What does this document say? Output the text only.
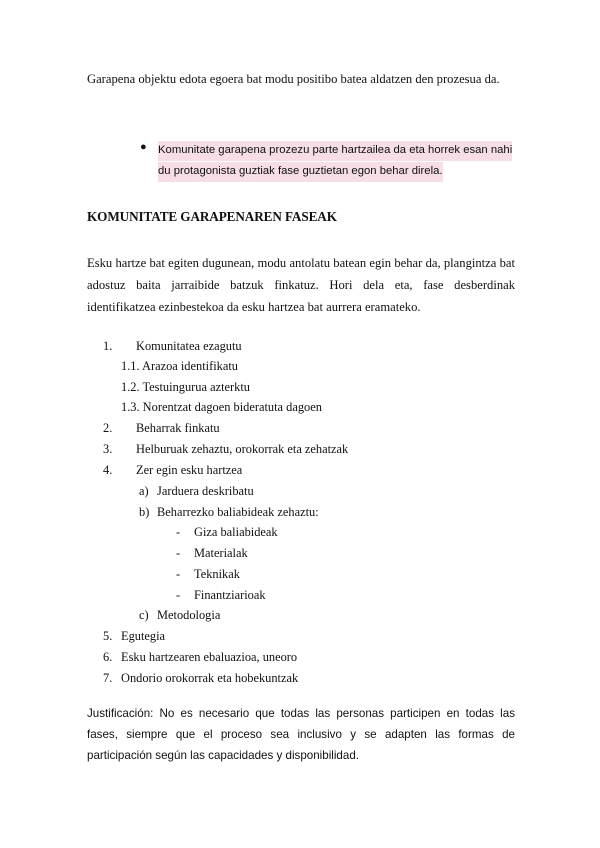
Garapena objektu edota egoera bat modu positibo batea aldatzen den prozesua da.

● Komunitate garapena prozezu parte hartzailea da eta horrek esan nahi
du protagonista guztiak fase guztietan egon behar direla.

KOMUNITATE GARAPENAREN FASEAK

Esku hartze bat egiten dugunean, modu antolatu batean egin behar da, plangintza bat adostuz baita jarraibide batzuk finkatuz. Hori dela eta, fase desberdinak identifikatzea ezinbestekoa da esku hartzea bat aurrera eramateko.

1. Komunitatea ezagutu
1.1. Arazoa identifikatu
1.2. Testuingurua azterktu
1.3. Norentzat dagoen bideratuta dagoen
2. Beharrak finkatu
3. Helburuak zehaztu, orokorrak eta zehatzak
4. Zer egin esku hartzea
a) Jarduera deskribatu
b) Beharrezko baliabideak zehaztu:
- Giza baliabideak
- Materialak
- Teknikak
- Finantziarioak
c) Metodologia
5. Egutegia
6. Esku hartzearen ebaluazioa, uneoro
7. Ondorio orokorrak eta hobekuntzak

Justificación: No es necesario que todas las personas participen en todas las fases, siempre que el proceso sea inclusivo y se adapten las formas de participación según las capacidades y disponibilidad.
